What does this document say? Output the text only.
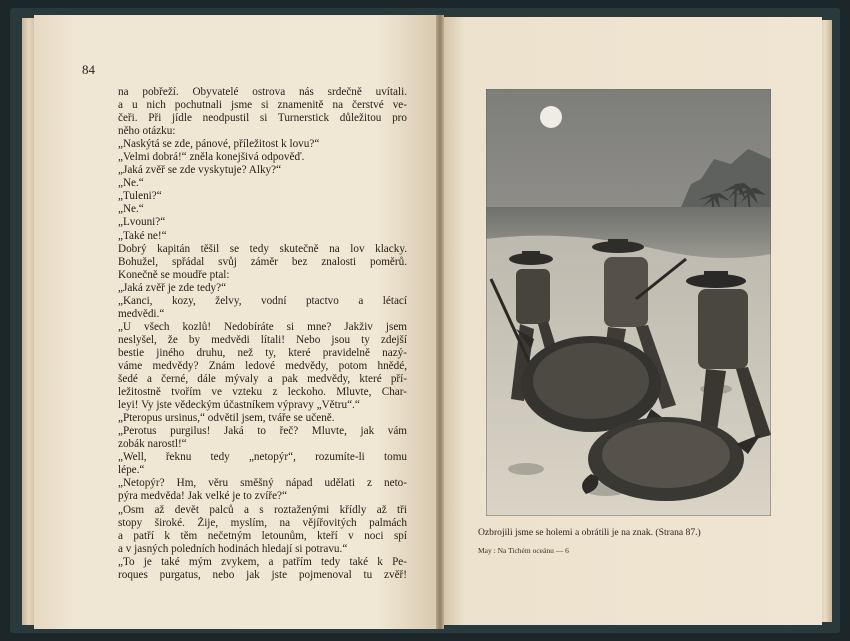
84
na pobřeží. Obyvatelé ostrova nás srdečně uvítali.
a u nich pochutnali jsme si znamenitě na čerstvé ve-
čeři. Při jídle neodpustil si Turnerstick důležitou pro
něho otázku:
„Naskýtá se zde, pánové, příležitost k lovu?“
„Velmi dobrá!“ zněla konejšivá odpověď.
„Jaká zvěř se zde vyskytuje? Alky?“
„Ne.“
„Tuleni?“
„Ne.“
„Lvouni?“
„Také ne!“
Dobrý kapitán těšil se tedy skutečně na lov klacky.
Bohužel, spřádal svůj záměr bez znalosti poměrů.
Konečně se moudře ptal:
„Jaká zvěř je zde tedy?“
„Kanci, kozy, želvy, vodní ptactvo a létací
medvědi.“
„U všech kozlů! Nedobíráte si mne? Jakživ jsem
neslyšel, že by medvědi lítali! Nebo jsou ty zdejší
bestie jiného druhu, než ty, které pravidelně nazý-
váme medvědy? Znám ledové medvědy, potom hnědé,
šedé a černé, dále mývaly a pak medvědy, které pří-
ležitostně tvořím ve vzteku z leckoho. Mluvte, Char-
leyi! Vy jste vědeckým účastníkem výpravy „Větru“.“
„Pteropus ursinus,“ odvětil jsem, tváře se učeně.
„Perotus purgilus! Jaká to řeč? Mluvte, jak vám
zobák narostl!“
„Well, řeknu tedy „netopýr“, rozumíte-li tomu
lépe.“
„Netopýr? Hm, věru směšný nápad udělati z neto-
pýra medvěda! Jak velké je to zvíře?“
„Osm až devět palců a s roztaženými křídly až tři
stopy široké. Žije, myslím, na vějířovitých palmách
a patří k těm nečetným letounům, kteří v noci spí
a v jasných poledních hodinách hledají si potravu.“
„To je také mým zvykem, a patřím tedy také k Pe-
roques purgatus, nebo jak jste pojmenoval tu zvěř!
Ozbrojili jsme se holemi a obrátili je na znak. (Strana 87.)
May : Na Tichém oceánu — 6
